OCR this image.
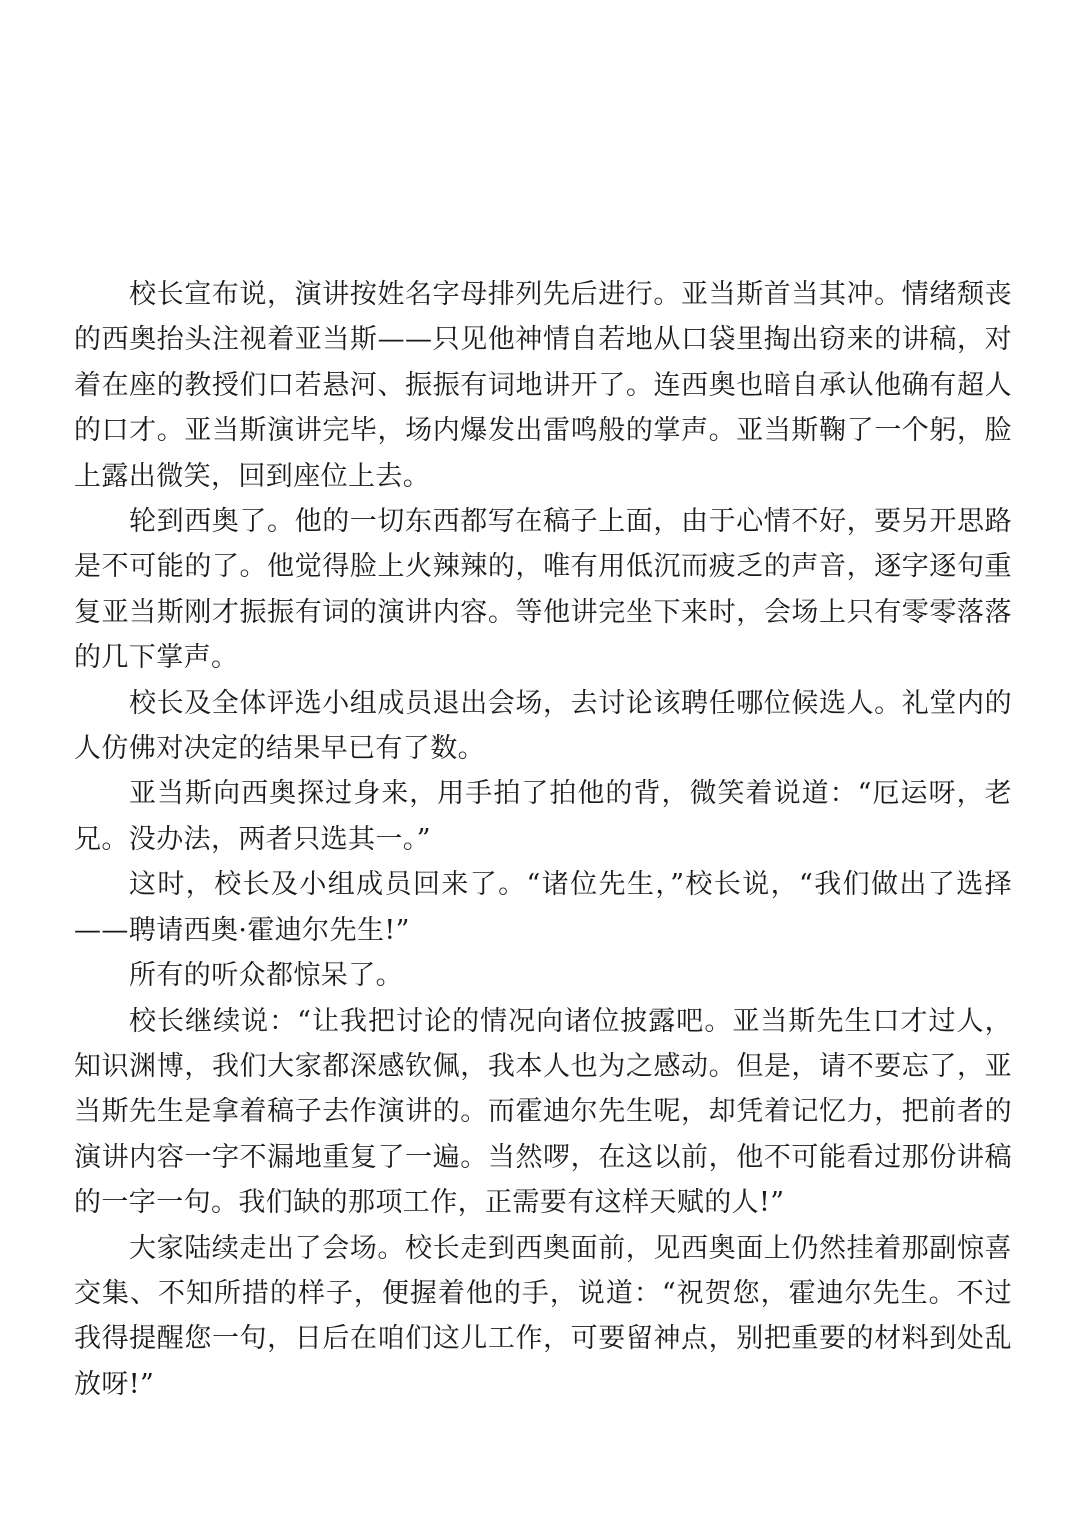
校长宣布说，演讲按姓名字母排列先后进行。亚当斯首当其冲。情绪颓丧的西奥抬头注视着亚当斯——只见他神情自若地从口袋里掏出窃来的讲稿，对着在座的教授们口若悬河、振振有词地讲开了。连西奥也暗自承认他确有超人的口才。亚当斯演讲完毕，场内爆发出雷鸣般的掌声。亚当斯鞠了一个躬，脸上露出微笑，回到座位上去。

轮到西奥了。他的一切东西都写在稿子上面，由于心情不好，要另开思路是不可能的了。他觉得脸上火辣辣的，唯有用低沉而疲乏的声音，逐字逐句重复亚当斯刚才振振有词的演讲内容。等他讲完坐下来时，会场上只有零零落落的几下掌声。

校长及全体评选小组成员退出会场，去讨论该聘任哪位候选人。礼堂内的人仿佛对决定的结果早已有了数。

亚当斯向西奥探过身来，用手拍了拍他的背，微笑着说道：“厄运呀，老兄。没办法，两者只选其一。”

这时，校长及小组成员回来了。“诸位先生，”校长说，“我们做出了选择——聘请西奥·霍迪尔先生!”

所有的听众都惊呆了。

校长继续说：“让我把讨论的情况向诸位披露吧。亚当斯先生口才过人，知识渊博，我们大家都深感钦佩，我本人也为之感动。但是，请不要忘了，亚当斯先生是拿着稿子去作演讲的。而霍迪尔先生呢，却凭着记忆力，把前者的演讲内容一字不漏地重复了一遍。当然啰，在这以前，他不可能看过那份讲稿的一字一句。我们缺的那项工作，正需要有这样天赋的人!”

大家陆续走出了会场。校长走到西奥面前，见西奥面上仍然挂着那副惊喜交集、不知所措的样子，便握着他的手，说道：“祝贺您，霍迪尔先生。不过我得提醒您一句，日后在咱们这儿工作，可要留神点，别把重要的材料到处乱放呀!”
